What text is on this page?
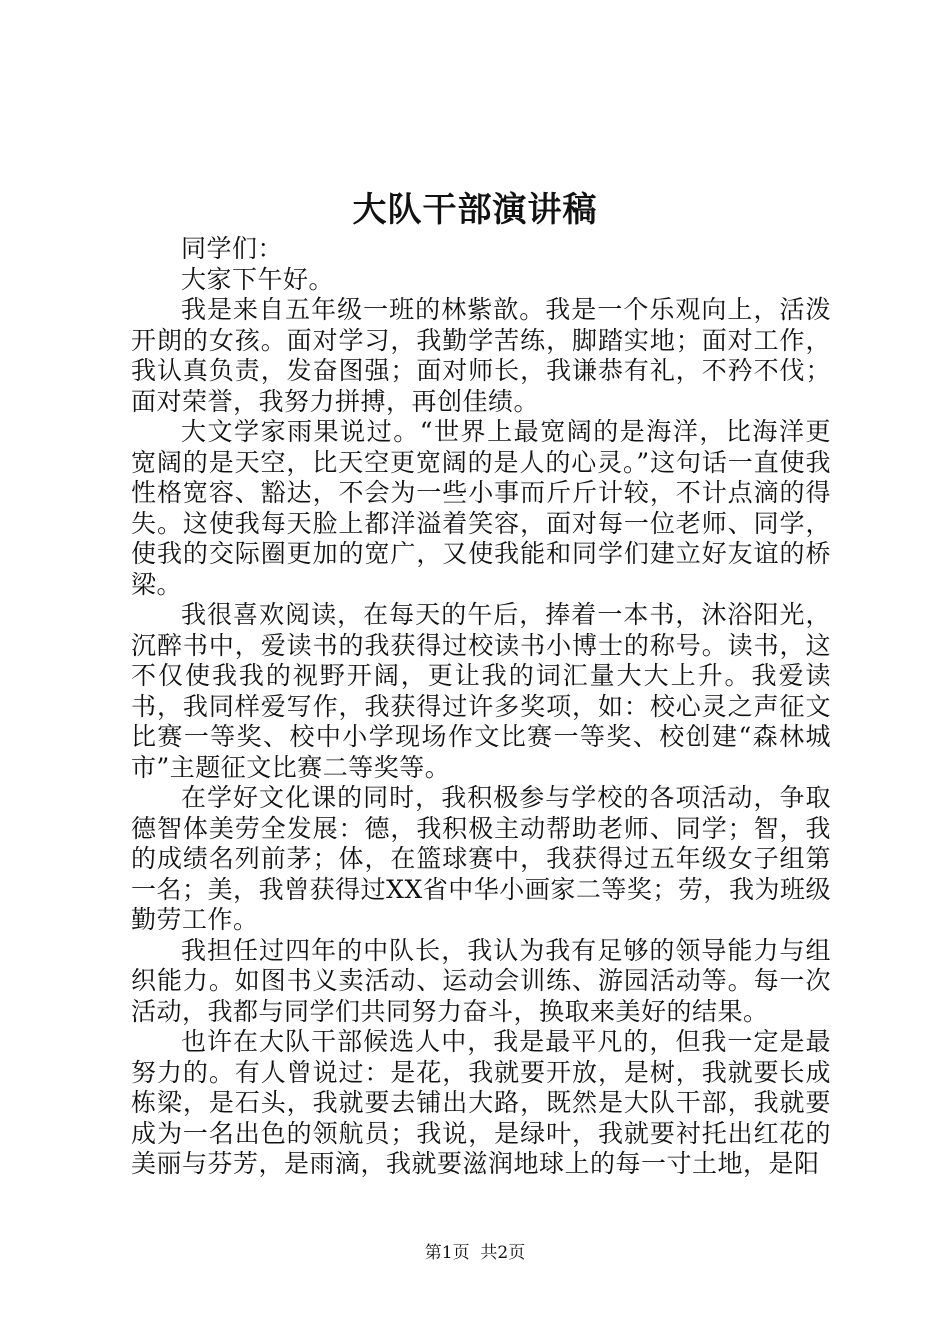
大队干部演讲稿

同学们：

大家下午好。

我是来自五年级一班的林紫歆。我是一个乐观向上，活泼开朗的女孩。面对学习，我勤学苦练，脚踏实地；面对工作，我认真负责，发奋图强；面对师长，我谦恭有礼，不矜不伐；面对荣誉，我努力拼搏，再创佳绩。

大文学家雨果说过。“世界上最宽阔的是海洋，比海洋更宽阔的是天空，比天空更宽阔的是人的心灵。”这句话一直使我性格宽容、豁达，不会为一些小事而斤斤计较，不计点滴的得失。这使我每天脸上都洋溢着笑容，面对每一位老师、同学，使我的交际圈更加的宽广，又使我能和同学们建立好友谊的桥梁。

我很喜欢阅读，在每天的午后，捧着一本书，沐浴阳光，沉醉书中，爱读书的我获得过校读书小博士的称号。读书，这不仅使我我的视野开阔，更让我的词汇量大大上升。我爱读书，我同样爱写作，我获得过许多奖项，如：校心灵之声征文比赛一等奖、校中小学现场作文比赛一等奖、校创建“森林城市”主题征文比赛二等奖等。

在学好文化课的同时，我积极参与学校的各项活动，争取德智体美劳全发展：德，我积极主动帮助老师、同学；智，我的成绩名列前茅；体，在篮球赛中，我获得过五年级女子组第一名；美，我曾获得过XX省中华小画家二等奖；劳，我为班级勤劳工作。

我担任过四年的中队长，我认为我有足够的领导能力与组织能力。如图书义卖活动、运动会训练、游园活动等。每一次活动，我都与同学们共同努力奋斗，换取来美好的结果。

也许在大队干部候选人中，我是最平凡的，但我一定是最努力的。有人曾说过：是花，我就要开放，是树，我就要长成栋梁，是石头，我就要去铺出大路，既然是大队干部，我就要成为一名出色的领航员；我说，是绿叶，我就要衬托出红花的美丽与芬芳，是雨滴，我就要滋润地球上的每一寸土地，是阳

第1页 共2页
